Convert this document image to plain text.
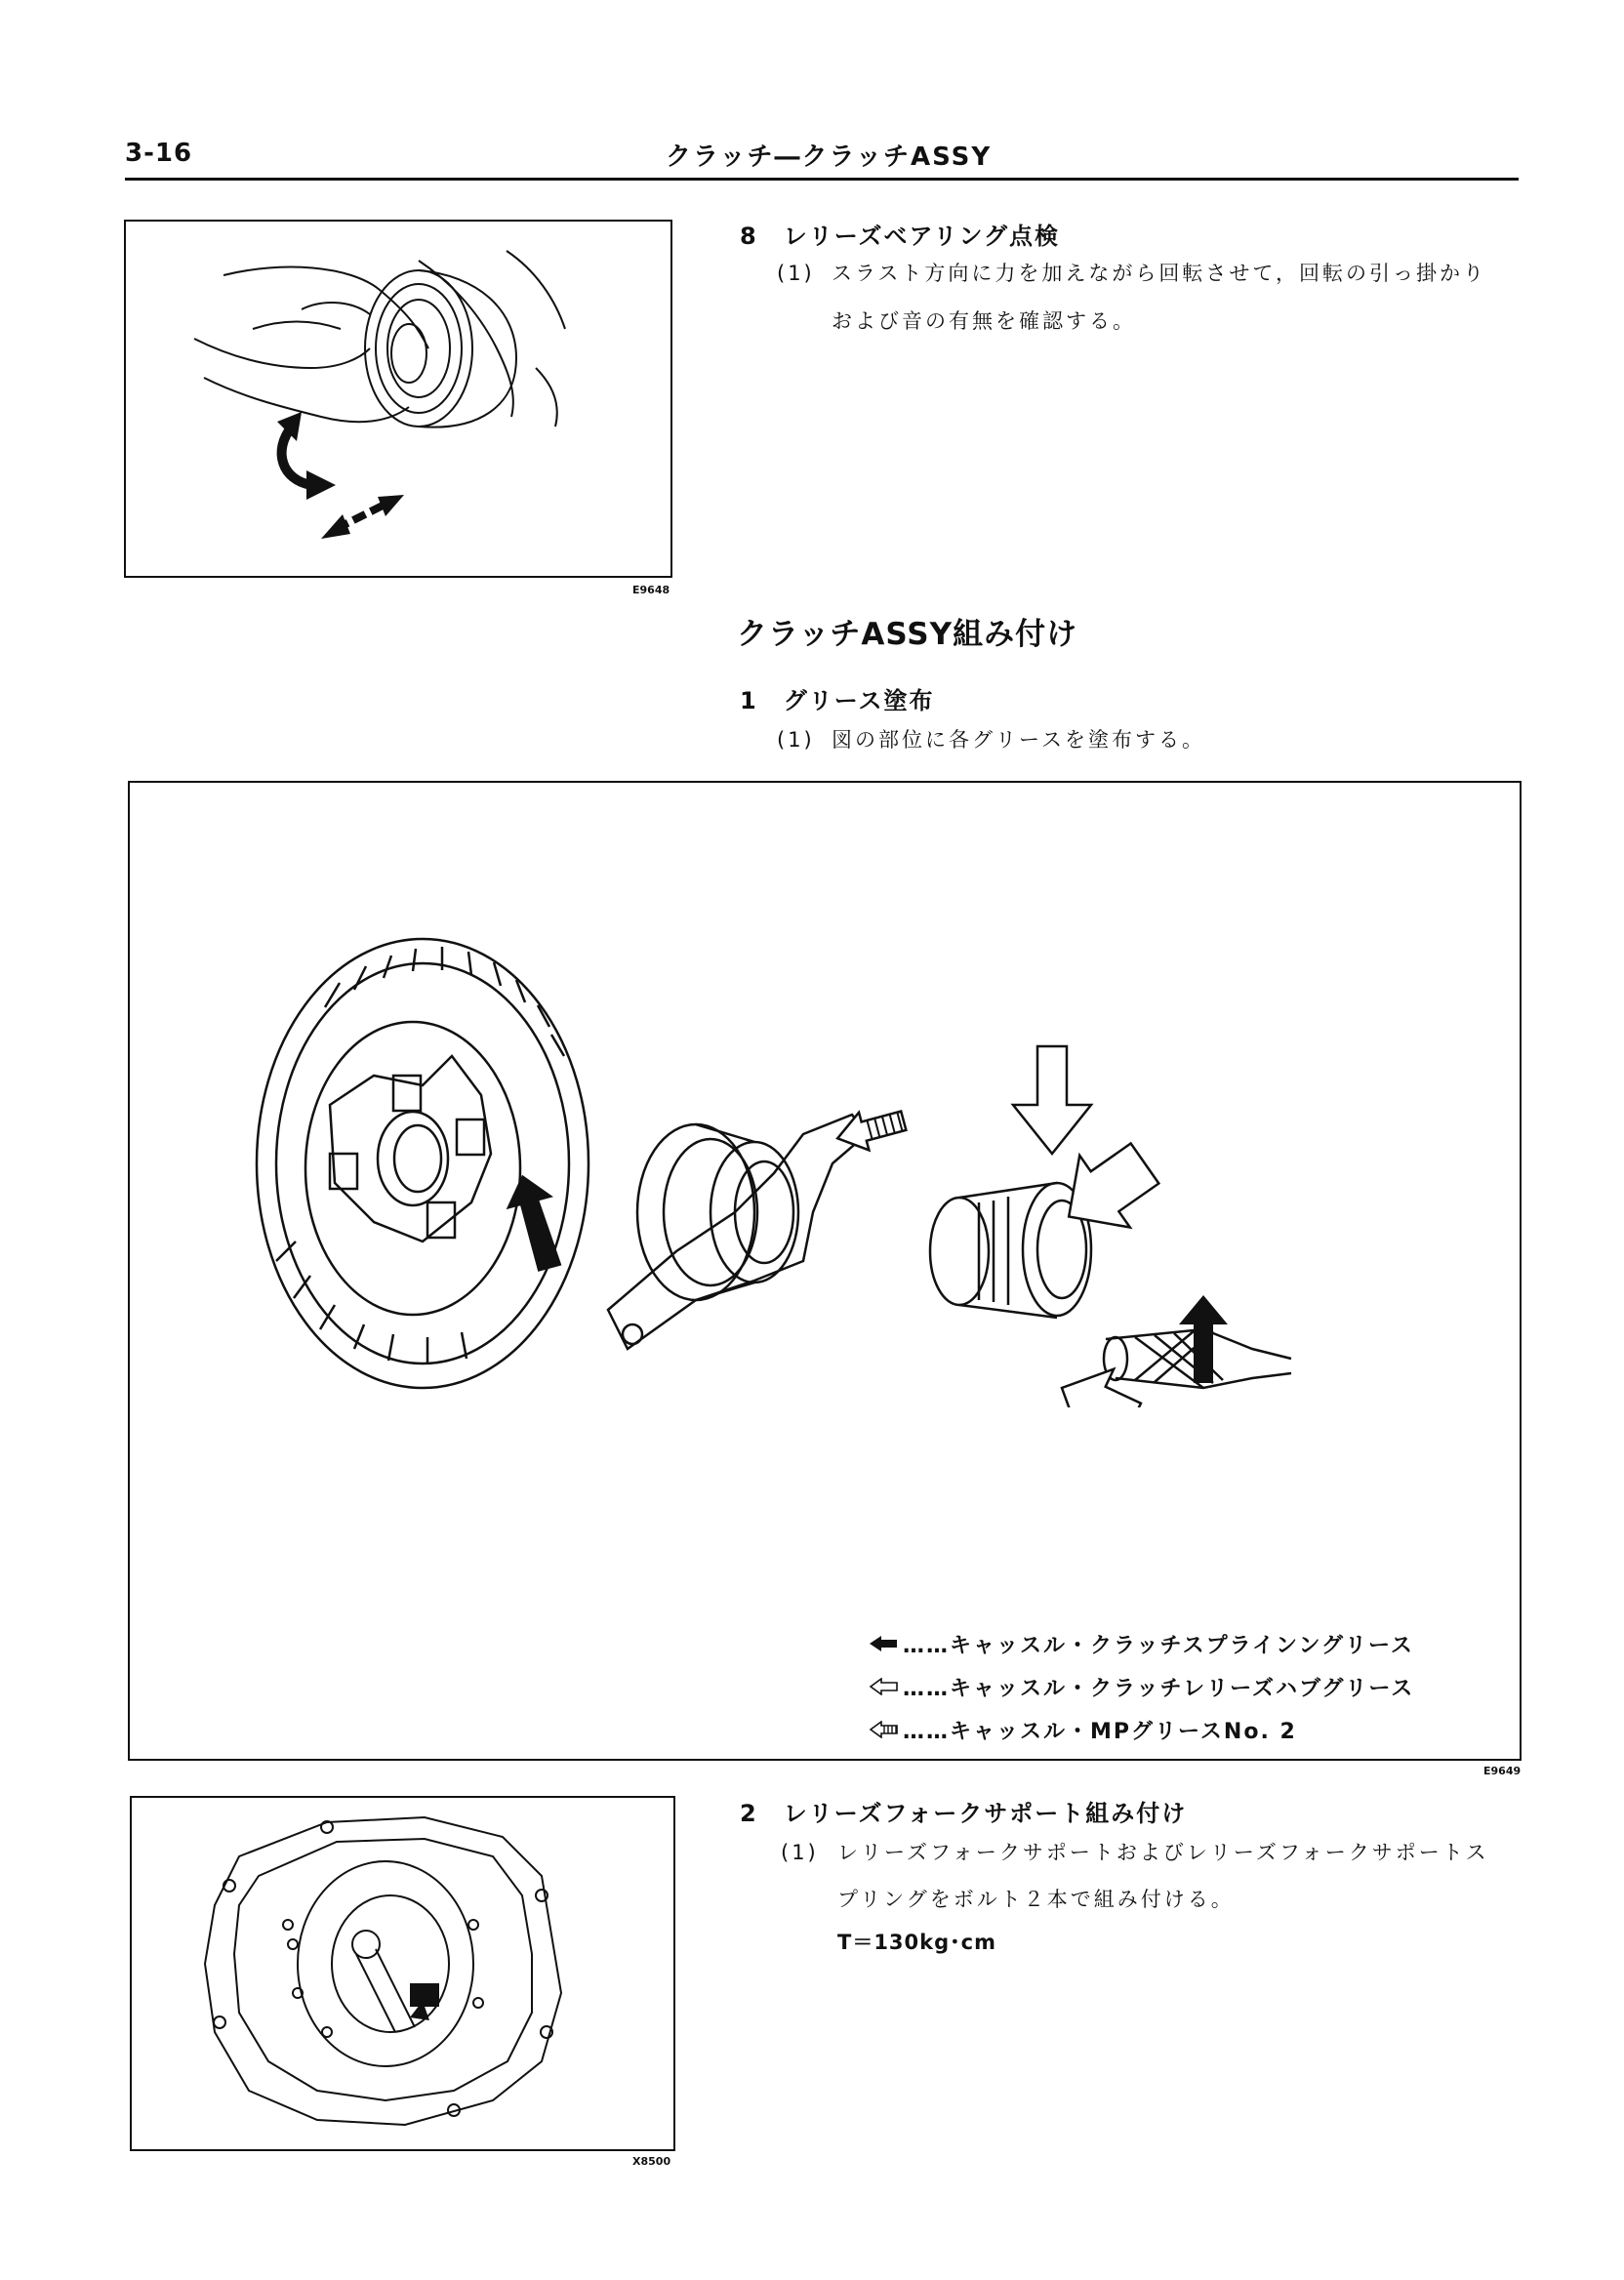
3-16	クラッチ―クラッチASSY
E9648
8　レリーズベアリング点検
(1) スラスト方向に力を加えながら回転させて，回転の引っ掛かり
および音の有無を確認する。
クラッチASSY組み付け
1　グリース塗布
(1) 図の部位に各グリースを塗布する。
……キャッスル・クラッチスプラインングリース
……キャッスル・クラッチレリーズハブグリース
……キャッスル・MPグリースNo. 2
E9649
X8500
2　レリーズフォークサポート組み付け
(1) レリーズフォークサポートおよびレリーズフォークサポートス
プリングをボルト２本で組み付ける。
T＝130kg･cm
